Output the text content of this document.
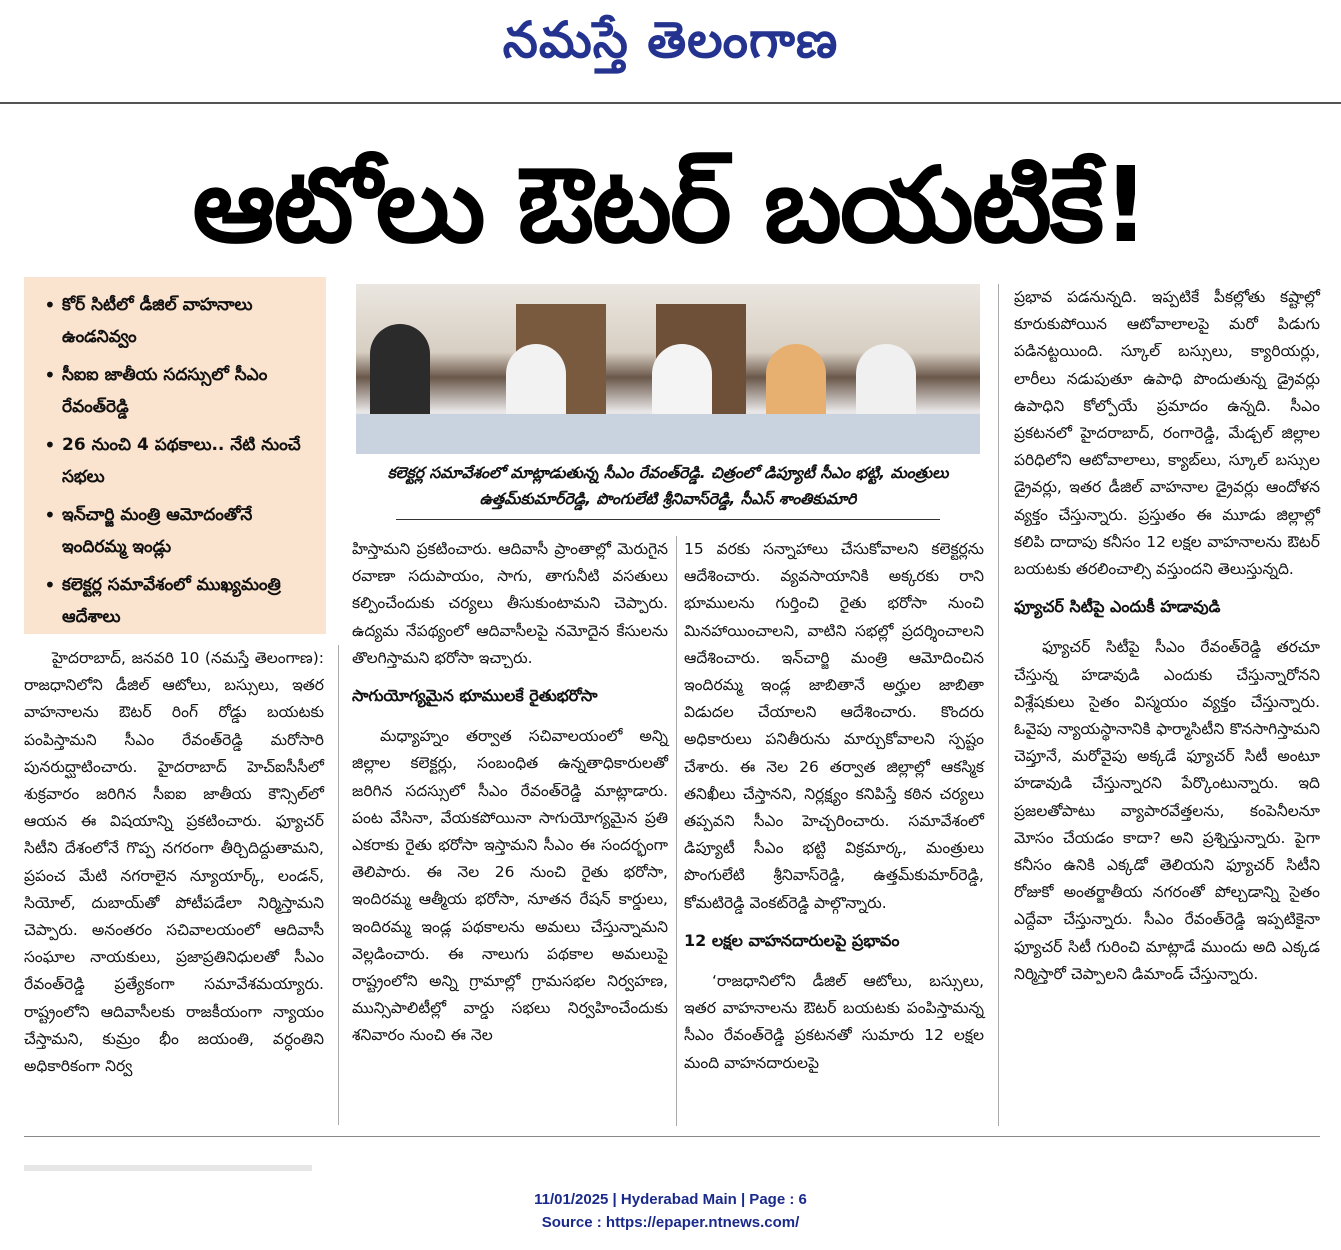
నమస్తే తెలంగాణ
ఆటోలు ఔటర్ బయటికే!
• కోర్ సిటీలో డీజిల్ వాహనాలు ఉండనివ్వం
• సీఐఐ జాతీయ సదస్సులో సీఎం రేవంత్‌రెడ్డి
• 26 నుంచి 4 పథకాలు.. నేటి నుంచే సభలు
• ఇన్‌చార్జి మంత్రి ఆమోదంతోనే ఇందిరమ్మ ఇండ్లు
• కలెక్టర్ల సమావేశంలో ముఖ్యమంత్రి ఆదేశాలు
కలెక్టర్ల సమావేశంలో మాట్లాడుతున్న సీఎం రేవంత్‌రెడ్డి. చిత్రంలో డిప్యూటీ సీఎం భట్టి, మంత్రులు ఉత్తమ్‌కుమార్‌రెడ్డి, పొంగులేటి శ్రీనివాస్‌రెడ్డి, సీఎస్ శాంతికుమారి

హైదరాబాద్, జనవరి 10 (నమస్తే తెలంగాణ): రాజధానిలోని డీజిల్ ఆటోలు, బస్సులు, ఇతర వాహనాలను ఔటర్ రింగ్ రోడ్డు బయటకు పంపిస్తామని సీఎం రేవంత్‌రెడ్డి మరోసారి పునరుద్ఘాటించారు. హైదరాబాద్ హెచ్ఐసీసీలో శుక్రవారం జరిగిన సీఐఐ జాతీయ కౌన్సిల్‌లో ఆయన ఈ విషయాన్ని ప్రకటించారు. ఫ్యూచర్ సిటీని దేశంలోనే గొప్ప నగరంగా తీర్చిదిద్దుతామని, ప్రపంచ మేటి నగరాలైన న్యూయార్క్, లండన్, సియోల్, దుబాయ్‌తో పోటీపడేలా నిర్మిస్తామని చెప్పారు. అనంతరం సచివాలయంలో ఆదివాసీ సంఘాల నాయకులు, ప్రజాప్రతినిధులతో సీఎం రేవంత్‌రెడ్డి ప్రత్యేకంగా సమావేశమయ్యారు. రాష్ట్రంలోని ఆదివాసీలకు రాజకీయంగా న్యాయం చేస్తామని, కుమ్రం భీం జయంతి, వర్ధంతిని అధికారికంగా నిర్వ

హిస్తామని ప్రకటించారు. ఆదివాసీ ప్రాంతాల్లో మెరుగైన రవాణా సదుపాయం, సాగు, తాగునీటి వసతులు కల్పించేందుకు చర్యలు తీసుకుంటామని చెప్పారు. ఉద్యమ నేపథ్యంలో ఆదివాసీలపై నమోదైన కేసులను తొలగిస్తామని భరోసా ఇచ్చారు.

సాగుయోగ్యమైన భూములకే రైతుభరోసా

మధ్యాహ్నం తర్వాత సచివాలయంలో అన్ని జిల్లాల కలెక్టర్లు, సంబంధిత ఉన్నతాధికారులతో జరిగిన సదస్సులో సీఎం రేవంత్‌రెడ్డి మాట్లాడారు. పంట వేసినా, వేయకపోయినా సాగుయోగ్యమైన ప్రతి ఎకరాకు రైతు భరోసా ఇస్తామని సీఎం ఈ సందర్భంగా తెలిపారు. ఈ నెల 26 నుంచి రైతు భరోసా, ఇందిరమ్మ ఆత్మీయ భరోసా, నూతన రేషన్ కార్డులు, ఇందిరమ్మ ఇండ్ల పథకాలను అమలు చేస్తున్నామని వెల్లడించారు. ఈ నాలుగు పథకాల అమలుపై రాష్ట్రంలోని అన్ని గ్రామాల్లో గ్రామసభల నిర్వహణ, మున్సిపాలిటీల్లో వార్డు సభలు నిర్వహించేందుకు శనివారం నుంచి ఈ నెల

15 వరకు సన్నాహాలు చేసుకోవాలని కలెక్టర్లను ఆదేశించారు. వ్యవసాయానికి అక్కరకు రాని భూములను గుర్తించి రైతు భరోసా నుంచి మినహాయించాలని, వాటిని సభల్లో ప్రదర్శించాలని ఆదేశించారు. ఇన్‌చార్జి మంత్రి ఆమోదించిన ఇందిరమ్మ ఇండ్ల జాబితానే అర్హుల జాబితా విడుదల చేయాలని ఆదేశించారు. కొందరు అధికారులు పనితీరును మార్చుకోవాలని స్పష్టం చేశారు. ఈ నెల 26 తర్వాత జిల్లాల్లో ఆకస్మిక తనిఖీలు చేస్తానని, నిర్లక్ష్యం కనిపిస్తే కఠిన చర్యలు తప్పవని సీఎం హెచ్చరించారు. సమావేశంలో డిప్యూటీ సీఎం భట్టి విక్రమార్క, మంత్రులు పొంగులేటి శ్రీనివాస్‌రెడ్డి, ఉత్తమ్‌కుమార్‌రెడ్డి, కోమటిరెడ్డి వెంకట్‌రెడ్డి పాల్గొన్నారు.

12 లక్షల వాహనదారులపై ప్రభావం

‘రాజధానిలోని డీజిల్ ఆటోలు, బస్సులు, ఇతర వాహనాలను ఔటర్ బయటకు పంపిస్తామన్న సీఎం రేవంత్‌రెడ్డి ప్రకటనతో సుమారు 12 లక్షల మంది వాహనదారులపై

ప్రభావ పడనున్నది. ఇప్పటికే పీకల్లోతు కష్టాల్లో కూరుకుపోయిన ఆటోవాలాలపై మరో పిడుగు పడినట్టయింది. స్కూల్ బస్సులు, క్యారియర్లు, లారీలు నడుపుతూ ఉపాధి పొందుతున్న డ్రైవర్లు ఉపాధిని కోల్పోయే ప్రమాదం ఉన్నది. సీఎం ప్రకటనలో హైదరాబాద్, రంగారెడ్డి, మేడ్చల్ జిల్లాల పరిధిలోని ఆటోవాలాలు, క్యాబ్‌లు, స్కూల్ బస్సుల డ్రైవర్లు, ఇతర డీజిల్ వాహనాల డ్రైవర్లు ఆందోళన వ్యక్తం చేస్తున్నారు. ప్రస్తుతం ఈ మూడు జిల్లాల్లో కలిపి దాదాపు కనీసం 12 లక్షల వాహనాలను ఔటర్ బయటకు తరలించాల్సి వస్తుందని తెలుస్తున్నది.

ఫ్యూచర్ సిటీపై ఎందుకీ హడావుడి

ఫ్యూచర్ సిటీపై సీఎం రేవంత్‌రెడ్డి తరచూ చేస్తున్న హడావుడి ఎందుకు చేస్తున్నారోనని విశ్లేషకులు సైతం విస్మయం వ్యక్తం చేస్తున్నారు. ఓవైపు న్యాయస్థానానికి ఫార్మాసిటీని కొనసాగిస్తామని చెప్తూనే, మరోవైపు అక్కడే ఫ్యూచర్ సిటీ అంటూ హడావుడి చేస్తున్నారని పేర్కొంటున్నారు. ఇది ప్రజలతోపాటు వ్యాపారవేత్తలను, కంపెనీలనూ మోసం చేయడం కాదా? అని ప్రశ్నిస్తున్నారు. పైగా కనీసం ఉనికి ఎక్కడో తెలియని ఫ్యూచర్ సిటీని రోజుకో అంతర్జాతీయ నగరంతో పోల్చడాన్ని సైతం ఎద్దేవా చేస్తున్నారు. సీఎం రేవంత్‌రెడ్డి ఇప్పటికైనా ఫ్యూచర్ సిటీ గురించి మాట్లాడే ముందు అది ఎక్కడ నిర్మిస్తారో చెప్పాలని డిమాండ్ చేస్తున్నారు.

11/01/2025 | Hyderabad Main | Page : 6
Source : https://epaper.ntnews.com/
